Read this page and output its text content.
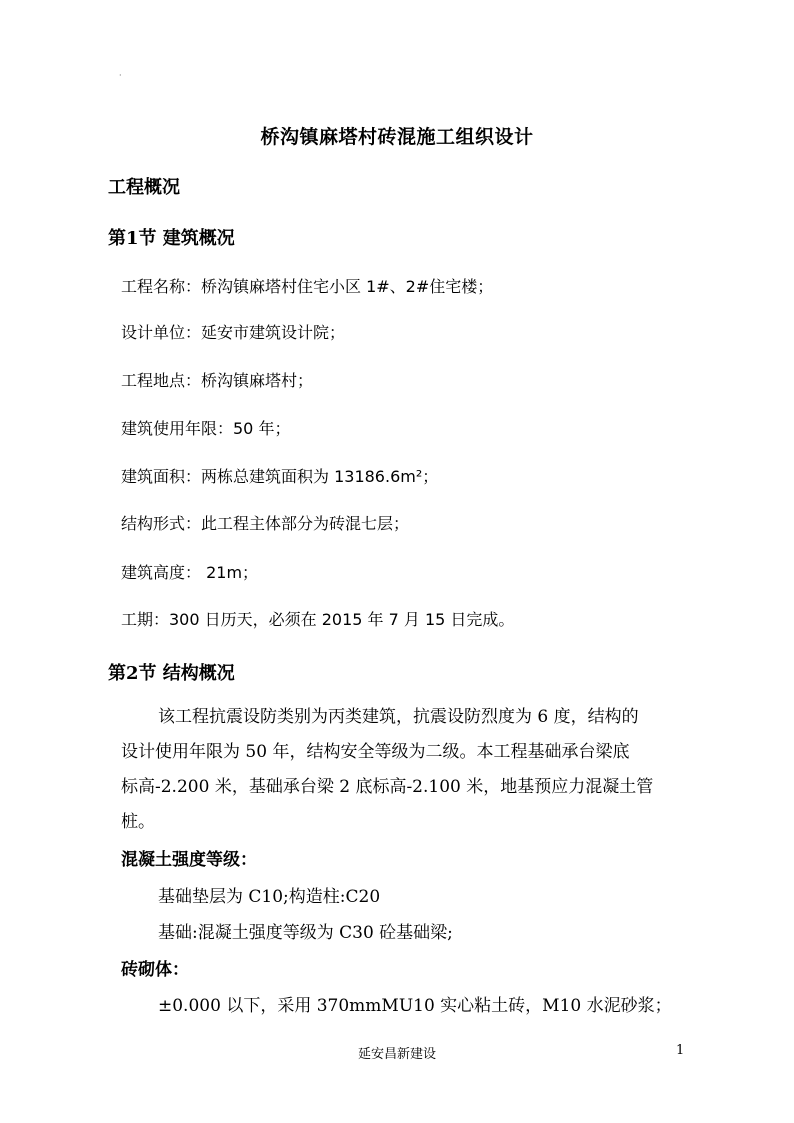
·
桥沟镇麻塔村砖混施工组织设计
工程概况
第1节 建筑概况
工程名称：桥沟镇麻塔村住宅小区 1#、2#住宅楼；
设计单位：延安市建筑设计院；
工程地点：桥沟镇麻塔村；
建筑使用年限：50 年；
建筑面积：两栋总建筑面积为 13186.6m²；
结构形式：此工程主体部分为砖混七层；
建筑高度： 21m；
工期：300 日历天，必须在 2015 年 7 月 15 日完成。
第2节 结构概况

该工程抗震设防类别为丙类建筑，抗震设防烈度为 6 度，结构的
设计使用年限为 50 年，结构安全等级为二级。本工程基础承台梁底
标高-2.200 米，基础承台梁 2 底标高-2.100 米，地基预应力混凝土管
桩。

混凝土强度等级：
基础垫层为 C10;构造柱:C20
基础:混凝土强度等级为 C30 砼基础梁;
砖砌体：
±0.000 以下，采用 370mmMU10 实心粘土砖，M10 水泥砂浆；
延安昌新建设	1
